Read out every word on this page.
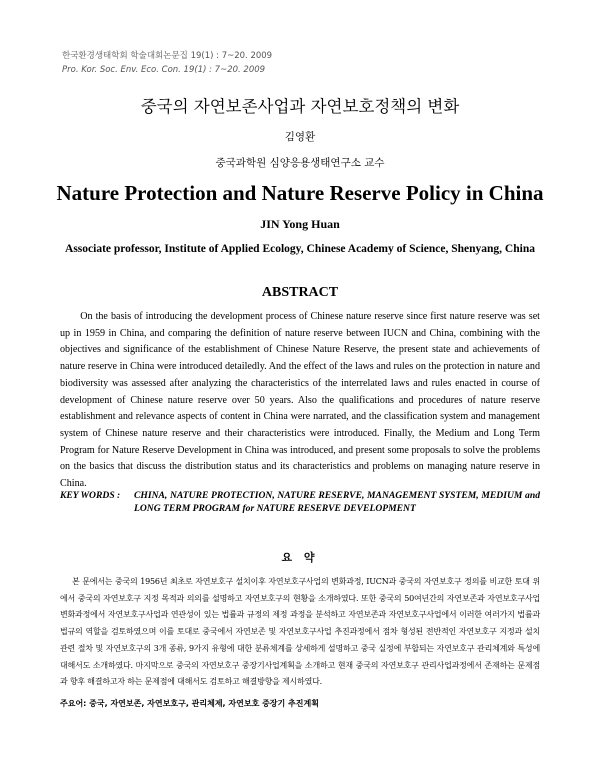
한국환경생태학회 학술대회논문집 19(1) : 7~20. 2009
Pro. Kor. Soc. Env. Eco. Con. 19(1) : 7~20. 2009
중국의 자연보존사업과 자연보호정책의 변화
김영환
중국과학원 심양응용생태연구소 교수
Nature Protection and Nature Reserve Policy in China
JIN Yong Huan
Associate professor, Institute of Applied Ecology, Chinese Academy of Science, Shenyang, China
ABSTRACT

On the basis of introducing the development process of Chinese nature reserve since first nature reserve was set up in 1959 in China, and comparing the definition of nature reserve between IUCN and China, combining with the objectives and significance of the establishment of Chinese Nature Reserve, the present state and achievements of nature reserve in China were introduced detailedly. And the effect of the laws and rules on the protection in nature and biodiversity was assessed after analyzing the characteristics of the interrelated laws and rules enacted in course of development of Chinese nature reserve over 50 years. Also the qualifications and procedures of nature reserve establishment and relevance aspects of content in China were narrated, and the classification system and management system of Chinese nature reserve and their characteristics were introduced. Finally, the Medium and Long Term Program for Nature Reserve Development in China was introduced, and present some proposals to solve the problems on the basics that discuss the distribution status and its characteristics and problems on managing nature reserve in China.

KEY WORDS : CHINA, NATURE PROTECTION, NATURE RESERVE, MANAGEMENT SYSTEM, MEDIUM and LONG TERM PROGRAM for NATURE RESERVE DEVELOPMENT
요 약

본 문에서는 중국의 1956년 최초로 자연보호구 설치이후 자연보호구사업의 변화과정, IUCN과 중국의 자연보호구 정의를 비교한 토대 위에서 중국의 자연보호구 지정 목적과 의의를 설명하고 자연보호구의 현황을 소개하였다. 또한 중국의 50여년간의 자연보존과 자연보호구사업 변화과정에서 자연보호구사업과 연관성이 있는 법률과 규정의 제정 과정을 분석하고 자연보존과 자연보호구사업에서 이러한 여러가지 법률과 법규의 역할을 검토하였으며 이를 토대로 중국에서 자연보존 및 자연보호구사업 추진과정에서 점차 형성된 전반적인 자연보호구 지정과 설치 관련 절차 및 자연보호구의 3개 종류, 9가지 유형에 대한 분류체계를 상세하게 설명하고 중국 실정에 부합되는 자연보호구 관리체계와 특성에 대해서도 소개하였다. 마지막으로 중국의 자연보호구 중장기사업계획을 소개하고 현재 중국의 자연보호구 관리사업과정에서 존재하는 문제점과 향후 해결하고자 하는 문제점에 대해서도 검토하고 해결방향을 제시하였다.

주요어: 중국, 자연보존, 자연보호구, 관리체제, 자연보호 중장기 추진계획
